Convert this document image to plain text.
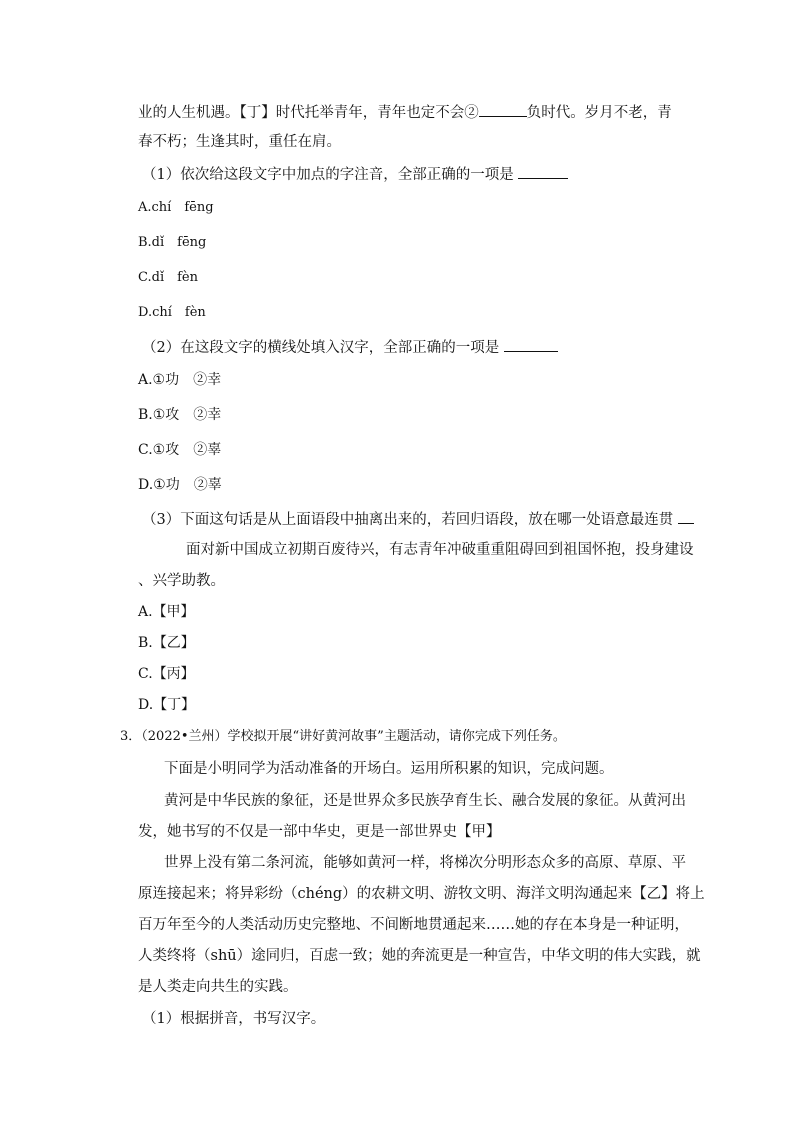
业的人生机遇。【丁】时代托举青年，青年也定不会②	负时代。岁月不老，青
春不朽；生逢其时，重任在肩。
（1）依次给这段文字中加点的字注音，全部正确的一项是
A.chí　fēng
B.dǐ　fēng
C.dǐ　fèn
D.chí　fèn
（2）在这段文字的横线处填入汉字，全部正确的一项是
A.①功　②幸
B.①攻　②幸
C.①攻　②辜
D.①功　②辜
（3）下面这句话是从上面语段中抽离出来的，若回归语段，放在哪一处语意最连贯
面对新中国成立初期百废待兴，有志青年冲破重重阻碍回到祖国怀抱，投身建设
、兴学助教。
A.【甲】
B.【乙】
C.【丙】
D.【丁】
3．（2022•兰州）学校拟开展“讲好黄河故事”主题活动，请你完成下列任务。
下面是小明同学为活动准备的开场白。运用所积累的知识，完成问题。
黄河是中华民族的象征，还是世界众多民族孕育生长、融合发展的象征。从黄河出
发，她书写的不仅是一部中华史，更是一部世界史【甲】
世界上没有第二条河流，能够如黄河一样，将梯次分明形态众多的高原、草原、平
原连接起来；将异彩纷（chéng）的农耕文明、游牧文明、海洋文明沟通起来【乙】将上
百万年至今的人类活动历史完整地、不间断地贯通起来……她的存在本身是一种证明，
人类终将（shū）途同归，百虑一致；她的奔流更是一种宣告，中华文明的伟大实践，就
是人类走向共生的实践。
（1）根据拼音，书写汉字。
